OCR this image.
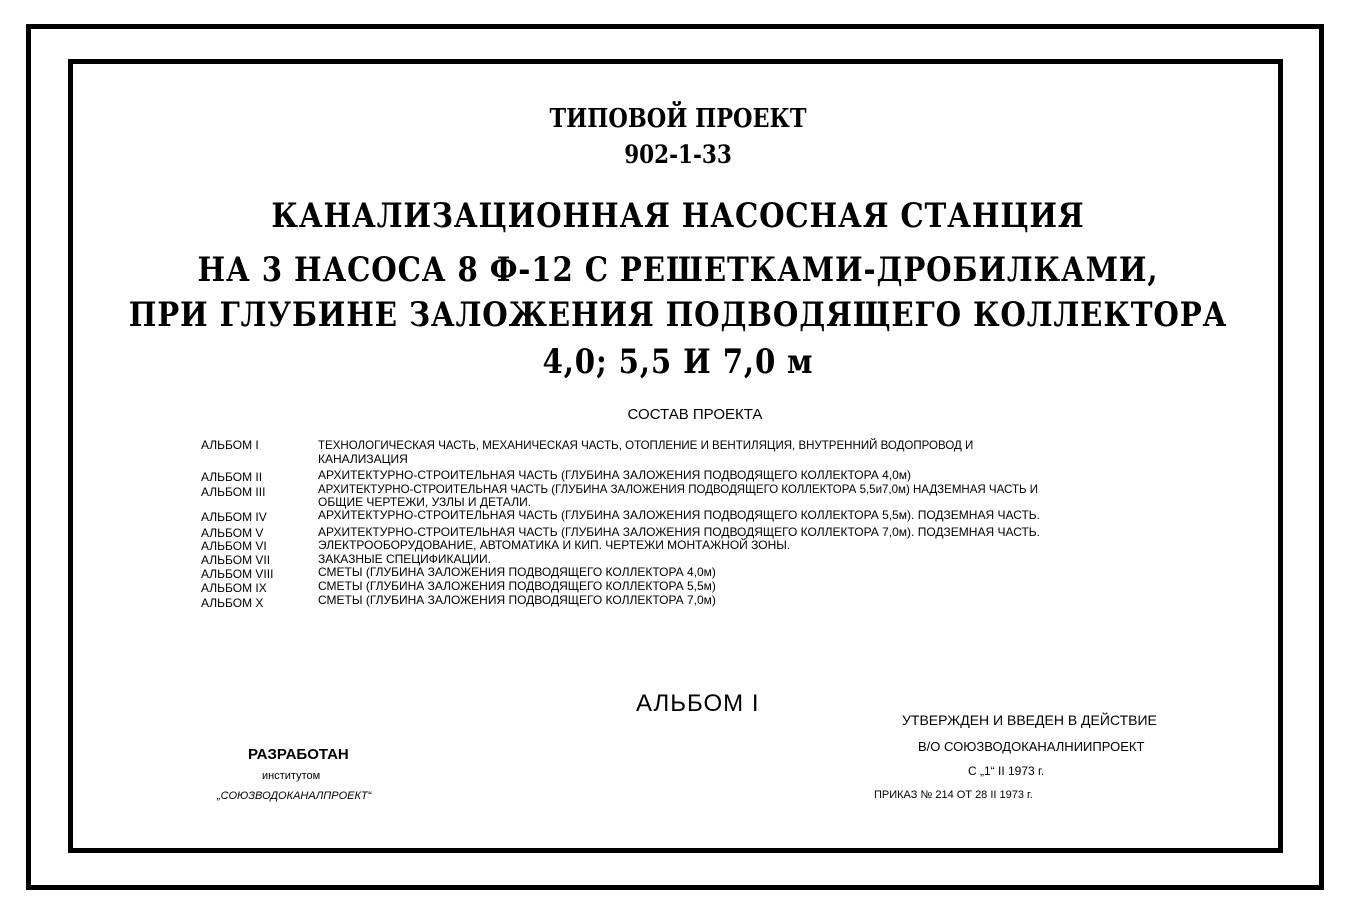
ТИПОВОЙ ПРОЕКТ
902-1-33
КАНАЛИЗАЦИОННАЯ НАСОСНАЯ СТАНЦИЯ
НА 3 НАСОСА 8 Ф-12 С РЕШЕТКАМИ-ДРОБИЛКАМИ,
ПРИ ГЛУБИНЕ ЗАЛОЖЕНИЯ ПОДВОДЯЩЕГО КОЛЛЕКТОРА
4,0; 5,5 И 7,0 м
СОСТАВ ПРОЕКТА
АЛЬБОМ I	ТЕХНОЛОГИЧЕСКАЯ ЧАСТЬ, МЕХАНИЧЕСКАЯ ЧАСТЬ, ОТОПЛЕНИЕ И ВЕНТИЛЯЦИЯ, ВНУТРЕННИЙ ВОДОПРОВОД И
КАНАЛИЗАЦИЯ
АЛЬБОМ II	АРХИТЕКТУРНО-СТРОИТЕЛЬНАЯ ЧАСТЬ (ГЛУБИНА ЗАЛОЖЕНИЯ ПОДВОДЯЩЕГО КОЛЛЕКТОРА 4,0м)
АЛЬБОМ III	АРХИТЕКТУРНО-СТРОИТЕЛЬНАЯ ЧАСТЬ (ГЛУБИНА ЗАЛОЖЕНИЯ ПОДВОДЯЩЕГО КОЛЛЕКТОРА 5,5и7,0м) НАДЗЕМНАЯ ЧАСТЬ И
ОБЩИЕ ЧЕРТЕЖИ, УЗЛЫ И ДЕТАЛИ.
АЛЬБОМ IV	АРХИТЕКТУРНО-СТРОИТЕЛЬНАЯ ЧАСТЬ (ГЛУБИНА ЗАЛОЖЕНИЯ ПОДВОДЯЩЕГО КОЛЛЕКТОРА 5,5м). ПОДЗЕМНАЯ ЧАСТЬ.
АЛЬБОМ V	АРХИТЕКТУРНО-СТРОИТЕЛЬНАЯ ЧАСТЬ (ГЛУБИНА ЗАЛОЖЕНИЯ ПОДВОДЯЩЕГО КОЛЛЕКТОРА 7,0м). ПОДЗЕМНАЯ ЧАСТЬ.
АЛЬБОМ VI	ЭЛЕКТРООБОРУДОВАНИЕ, АВТОМАТИКА И КИП. ЧЕРТЕЖИ МОНТАЖНОЙ ЗОНЫ.
АЛЬБОМ VII	ЗАКАЗНЫЕ СПЕЦИФИКАЦИИ.
АЛЬБОМ VIII	СМЕТЫ (ГЛУБИНА ЗАЛОЖЕНИЯ ПОДВОДЯЩЕГО КОЛЛЕКТОРА 4,0м)
АЛЬБОМ IX	СМЕТЫ (ГЛУБИНА ЗАЛОЖЕНИЯ ПОДВОДЯЩЕГО КОЛЛЕКТОРА 5,5м)
АЛЬБОМ X	СМЕТЫ (ГЛУБИНА ЗАЛОЖЕНИЯ ПОДВОДЯЩЕГО КОЛЛЕКТОРА 7,0м)
АЛЬБОМ I
РАЗРАБОТАН
институтом
„СОЮЗВОДОКАНАЛПРОЕКТ“
УТВЕРЖДЕН И ВВЕДЕН В ДЕЙСТВИЕ
В/О СОЮЗВОДОКАНАЛНИИПРОЕКТ
С „1“ II 1973 г.
ПРИКАЗ № 214 ОТ 28 II 1973 г.
